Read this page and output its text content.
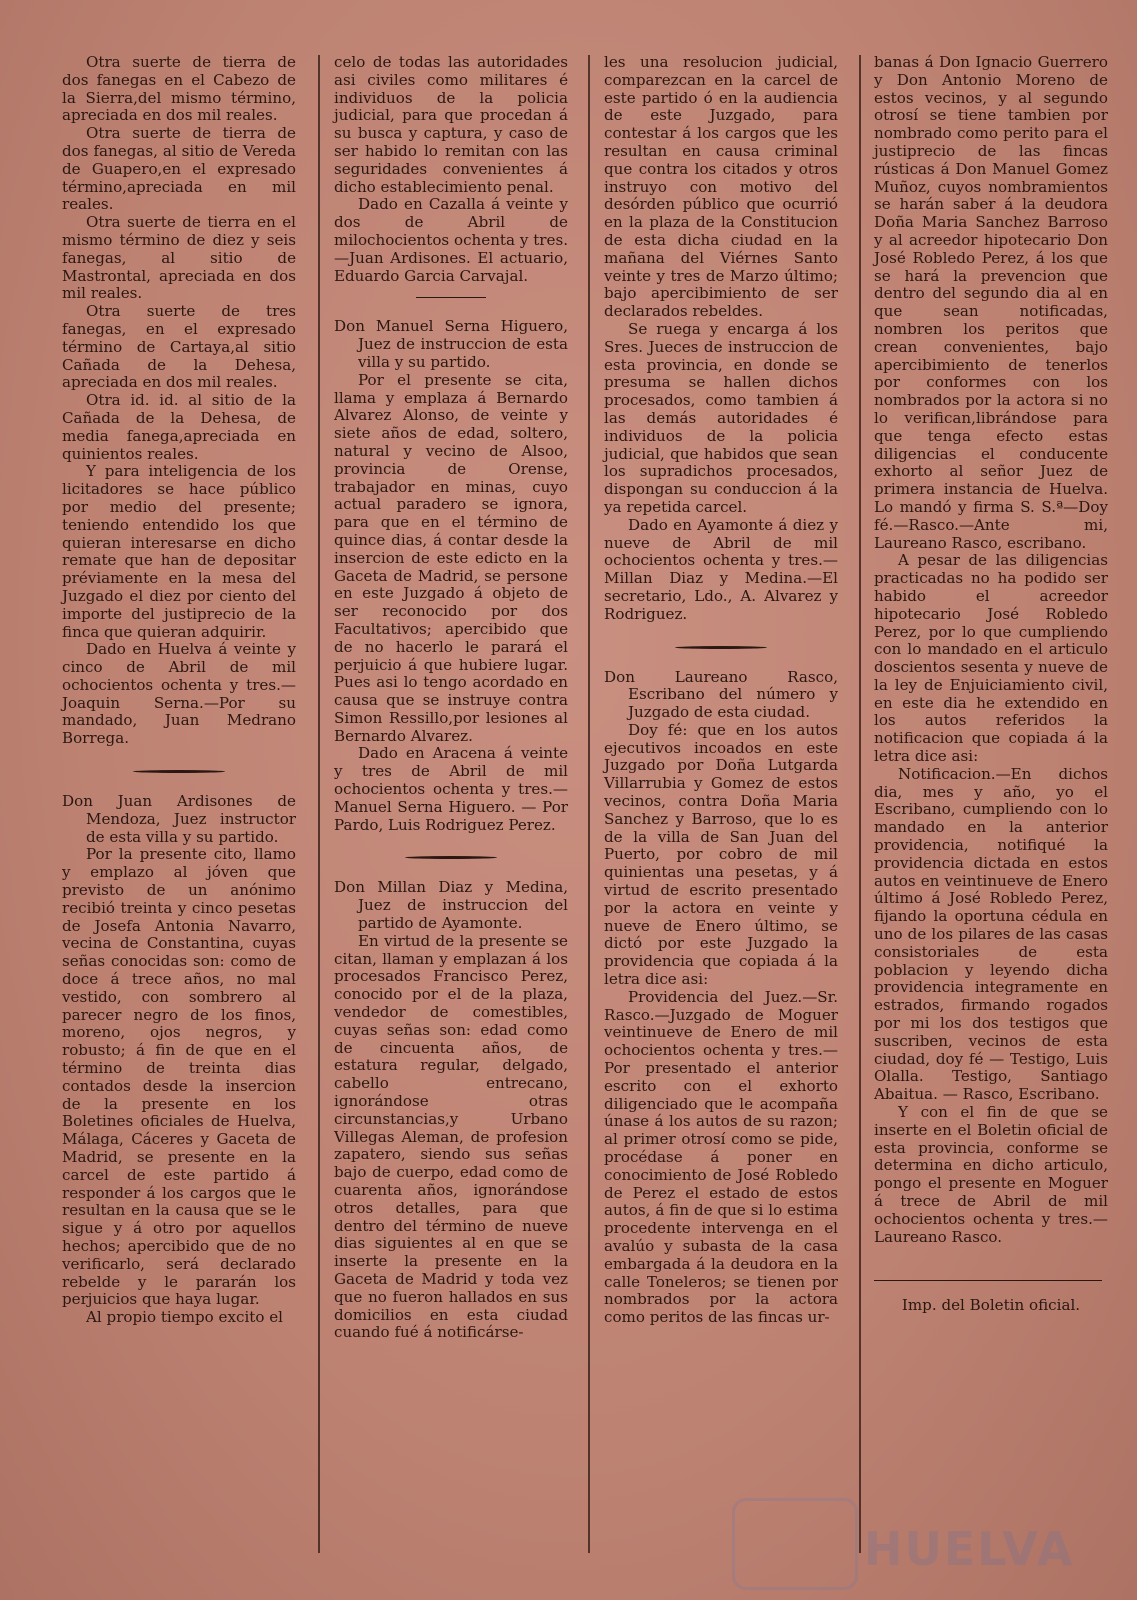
Otra suerte de tierra de dos fanegas en el Cabezo de la Sierra,del mismo término, apreciada en dos mil reales.

Otra suerte de tierra de dos fanegas, al sitio de Vereda de Guapero,en el expresado término,apreciada en mil reales.

Otra suerte de tierra en el mismo término de diez y seis fanegas, al sitio de Mastrontal, apreciada en dos mil reales.

Otra suerte de tres fanegas, en el expresado término de Cartaya,al sitio Cañada de la Dehesa, apreciada en dos mil reales.

Otra id. id. al sitio de la Cañada de la Dehesa, de media fanega,apreciada en quinientos reales.

Y para inteligencia de los licitadores se hace público por medio del presente; teniendo entendido los que quieran interesarse en dicho remate que han de depositar préviamente en la mesa del Juzgado el diez por ciento del importe del justiprecio de la finca que quieran adquirir.

Dado en Huelva á veinte y cinco de Abril de mil ochocientos ochenta y tres.—Joaquin Serna.—Por su mandado, Juan Medrano Borrega.

Don Juan Ardisones de Mendoza, Juez instructor de esta villa y su partido.

Por la presente cito, llamo y emplazo al jóven que previsto de un anónimo recibió treinta y cinco pesetas de Josefa Antonia Navarro, vecina de Constantina, cuyas señas conocidas son: como de doce á trece años, no mal vestido, con sombrero al parecer negro de los finos, moreno, ojos negros, y robusto; á fin de que en el término de treinta dias contados desde la insercion de la presente en los Boletines oficiales de Huelva, Málaga, Cáceres y Gaceta de Madrid, se presente en la carcel de este partido á responder á los cargos que le resultan en la causa que se le sigue y á otro por aquellos hechos; apercibido que de no verificarlo, será declarado rebelde y le pararán los perjuicios que haya lugar.

Al propio tiempo excito el

celo de todas las autoridades asi civiles como militares é individuos de la policia judicial, para que procedan á su busca y captura, y caso de ser habido lo remitan con las seguridades convenientes á dicho establecimiento penal.

Dado en Cazalla á veinte y dos de Abril de milochocientos ochenta y tres.—Juan Ardisones. El actuario, Eduardo Garcia Carvajal.

Don Manuel Serna Higuero, Juez de instruccion de esta villa y su partido.

Por el presente se cita, llama y emplaza á Bernardo Alvarez Alonso, de veinte y siete años de edad, soltero, natural y vecino de Alsoo, provincia de Orense, trabajador en minas, cuyo actual paradero se ignora, para que en el término de quince dias, á contar desde la insercion de este edicto en la Gaceta de Madrid, se persone en este Juzgado á objeto de ser reconocido por dos Facultativos; apercibido que de no hacerlo le parará el perjuicio á que hubiere lugar. Pues asi lo tengo acordado en causa que se instruye contra Simon Ressillo,por lesiones al Bernardo Alvarez.

Dado en Aracena á veinte y tres de Abril de mil ochocientos ochenta y tres.—Manuel Serna Higuero. — Por Pardo, Luis Rodriguez Perez.

Don Millan Diaz y Medina, Juez de instruccion del partido de Ayamonte.

En virtud de la presente se citan, llaman y emplazan á los procesados Francisco Perez, conocido por el de la plaza, vendedor de comestibles, cuyas señas son: edad como de cincuenta años, de estatura regular, delgado, cabello entrecano, ignorándose otras circunstancias,y Urbano Villegas Aleman, de profesion zapatero, siendo sus señas bajo de cuerpo, edad como de cuarenta años, ignorándose otros detalles, para que dentro del término de nueve dias siguientes al en que se inserte la presente en la Gaceta de Madrid y toda vez que no fueron hallados en sus domicilios en esta ciudad cuando fué á notificárse-

les una resolucion judicial, comparezcan en la carcel de este partido ó en la audiencia de este Juzgado, para contestar á los cargos que les resultan en causa criminal que contra los citados y otros instruyo con motivo del desórden público que ocurrió en la plaza de la Constitucion de esta dicha ciudad en la mañana del Viérnes Santo veinte y tres de Marzo último; bajo apercibimiento de ser declarados rebeldes.

Se ruega y encarga á los Sres. Jueces de instruccion de esta provincia, en donde se presuma se hallen dichos procesados, como tambien á las demás autoridades é individuos de la policia judicial, que habidos que sean los supradichos procesados, dispongan su conduccion á la ya repetida carcel.

Dado en Ayamonte á diez y nueve de Abril de mil ochocientos ochenta y tres.—Millan Diaz y Medina.—El secretario, Ldo., A. Alvarez y Rodriguez.

Don Laureano Rasco, Escribano del número y Juzgado de esta ciudad.

Doy fé: que en los autos ejecutivos incoados en este Juzgado por Doña Lutgarda Villarrubia y Gomez de estos vecinos, contra Doña Maria Sanchez y Barroso, que lo es de la villa de San Juan del Puerto, por cobro de mil quinientas una pesetas, y á virtud de escrito presentado por la actora en veinte y nueve de Enero último, se dictó por este Juzgado la providencia que copiada á la letra dice asi:

Providencia del Juez.—Sr. Rasco.—Juzgado de Moguer veintinueve de Enero de mil ochocientos ochenta y tres.—Por presentado el anterior escrito con el exhorto diligenciado que le acompaña únase á los autos de su razon; al primer otrosí como se pide, procédase á poner en conocimiento de José Robledo de Perez el estado de estos autos, á fin de que si lo estima procedente intervenga en el avalúo y subasta de la casa embargada á la deudora en la calle Toneleros; se tienen por nombrados por la actora como peritos de las fincas ur-

banas á Don Ignacio Guerrero y Don Antonio Moreno de estos vecinos, y al segundo otrosí se tiene tambien por nombrado como perito para el justiprecio de las fincas rústicas á Don Manuel Gomez Muñoz, cuyos nombramientos se harán saber á la deudora Doña Maria Sanchez Barroso y al acreedor hipotecario Don José Robledo Perez, á los que se hará la prevencion que dentro del segundo dia al en que sean notificadas, nombren los peritos que crean convenientes, bajo apercibimiento de tenerlos por conformes con los nombrados por la actora si no lo verifican,librándose para que tenga efecto estas diligencias el conducente exhorto al señor Juez de primera instancia de Huelva. Lo mandó y firma S. S.ª—Doy fé.—Rasco.—Ante mi, Laureano Rasco, escribano.

A pesar de las diligencias practicadas no ha podido ser habido el acreedor hipotecario José Robledo Perez, por lo que cumpliendo con lo mandado en el articulo doscientos sesenta y nueve de la ley de Enjuiciamiento civil, en este dia he extendido en los autos referidos la notificacion que copiada á la letra dice asi:

Notificacion.—En dichos dia, mes y año, yo el Escribano, cumpliendo con lo mandado en la anterior providencia, notifiqué la providencia dictada en estos autos en veintinueve de Enero último á José Robledo Perez, fijando la oportuna cédula en uno de los pilares de las casas consistoriales de esta poblacion y leyendo dicha providencia integramente en estrados, firmando rogados por mi los dos testigos que suscriben, vecinos de esta ciudad, doy fé — Testigo, Luis Olalla. Testigo, Santiago Abaitua. — Rasco, Escribano.

Y con el fin de que se inserte en el Boletin oficial de esta provincia, conforme se determina en dicho articulo, pongo el presente en Moguer á trece de Abril de mil ochocientos ochenta y tres.— Laureano Rasco.

Imp. del Boletin oficial.

HUELVA
